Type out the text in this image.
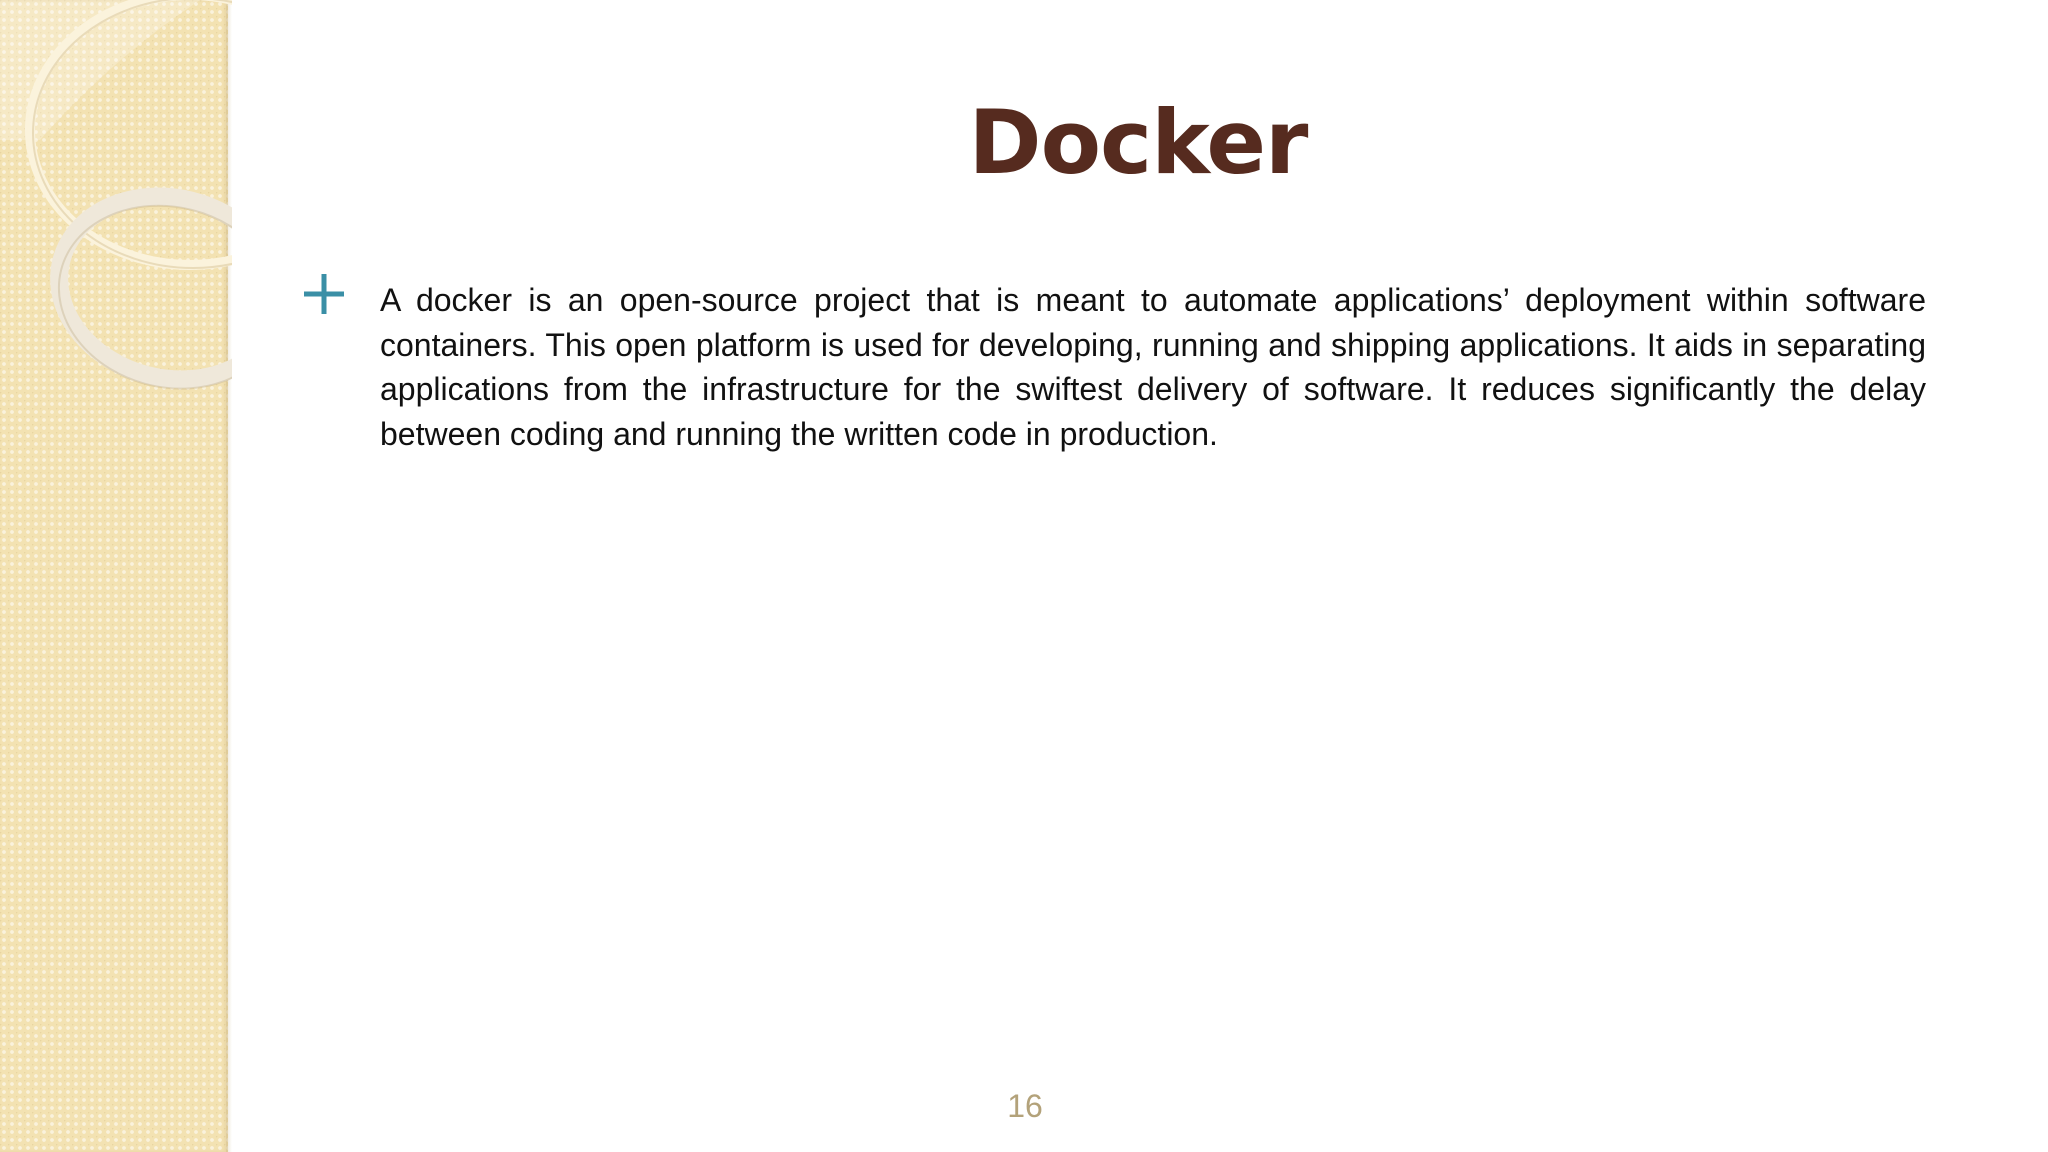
Docker
A docker is an open-source project that is meant to automate applications’ deployment within software containers. This open platform is used for developing, running and shipping applications. It aids in separating applications from the infrastructure for the swiftest delivery of software. It reduces significantly the delay between coding and running the written code in production.
16
